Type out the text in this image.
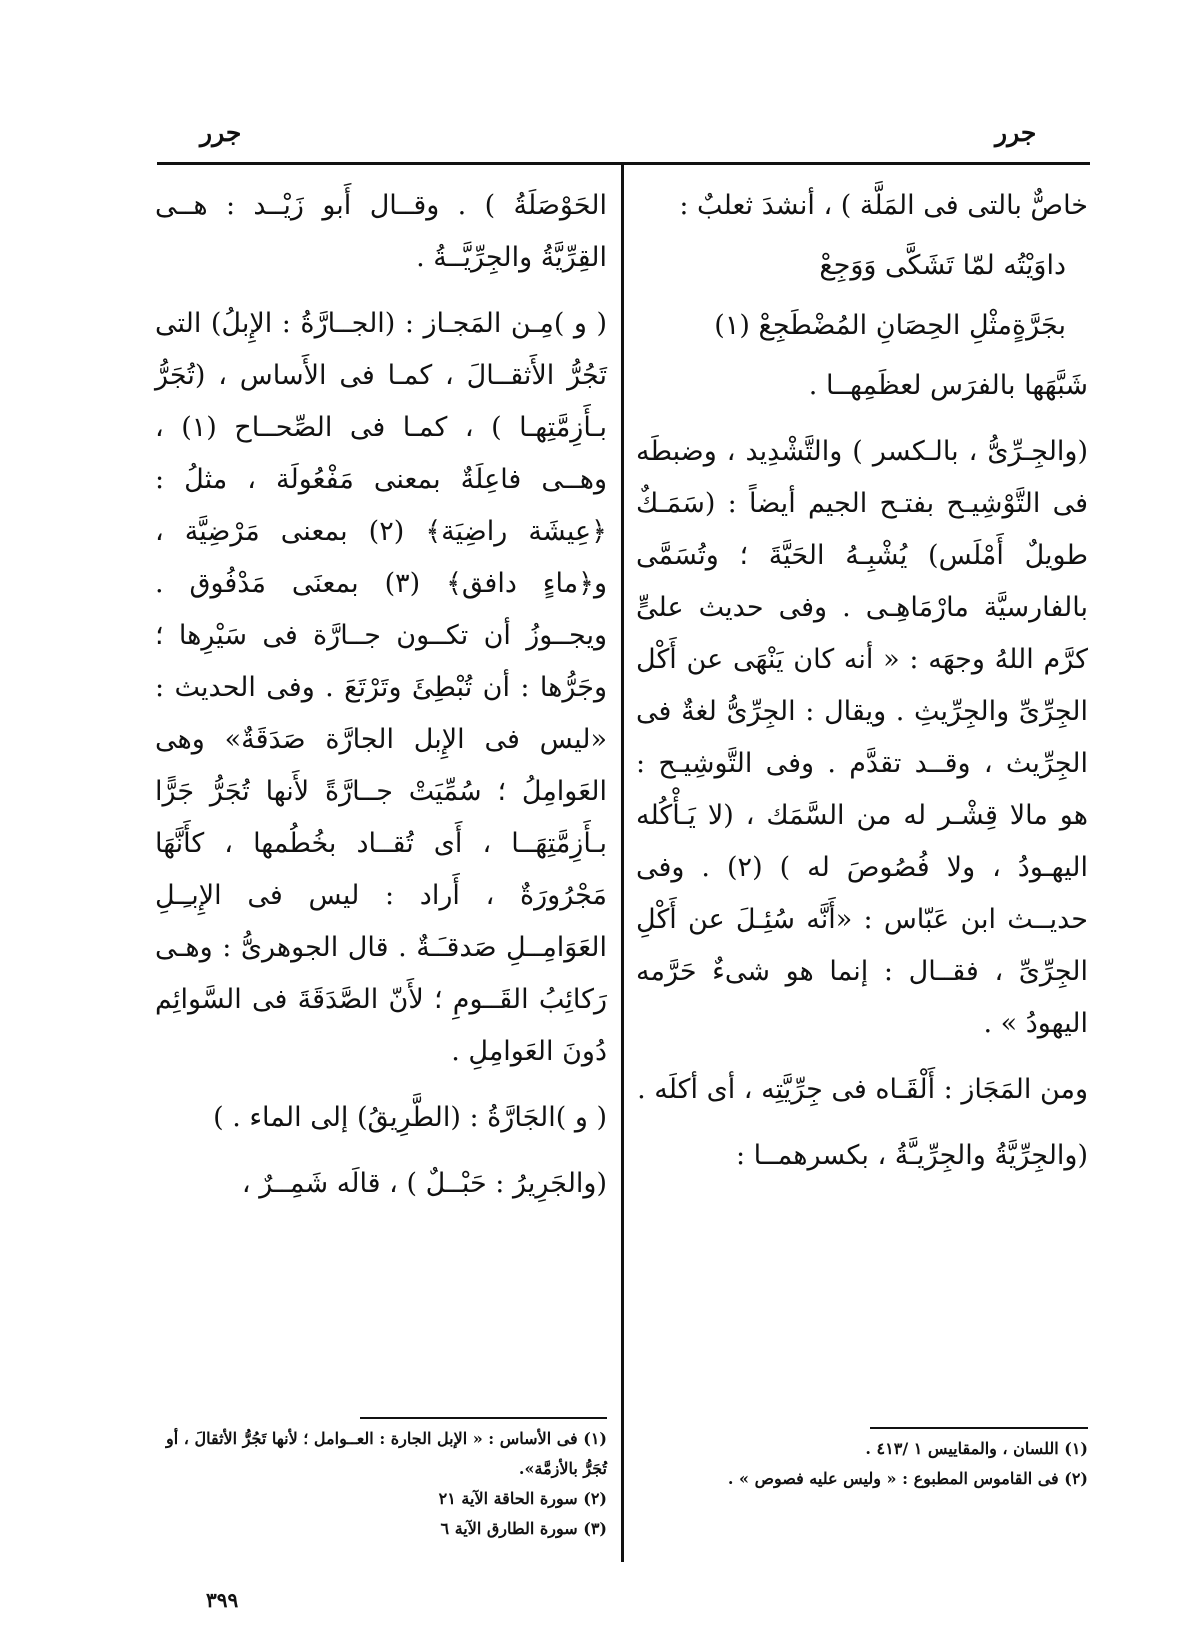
جرر
جرر

خاصٌّ بالتى فى المَلَّة ) ، أنشدَ ثعلبٌ :

داوَيْتُه لمّا تَشَكَّى وَوَجِعْ

بجَرَّةٍمثْلِ الحِصَانِ المُضْطَجِعْ (١)

شَبَّهَها بالفرَس لعظَمِهــا .

(والجِـرِّىُّ ، بالـكسر ) والتَّشْدِيد ، وضبطَه فى التَّوْشِيـح بفتـح الجيم أيضاً : (سَمَـكٌ طويلٌ أَمْلَس) يُشْبِـهُ الحَيَّةَ ؛ وتُسَمَّى بالفارسيَّة مارْمَاهِـى . وفى حديث علىٍّ كرَّم اللهُ وجهَه : « أنه كان يَنْهَى عن أَكْل الجِرِّىِّ والجِرِّيثِ . ويقال : الجِرِّىُّ لغةٌ فى الجِرِّيث ، وقــد تقدَّم . وفى التَّوشِيـح : هو مالا قِشْـر له من السَّمَك ، (لا يَـأْكُله اليهـودُ ، ولا فُصُوصَ له ) (٢) . وفى حديــث ابن عَبّاس : «أَنَّه سُئِـلَ عن أَكْلِ الجِرِّىِّ ، فقــال : إنما هو شىءٌ حَرَّمه اليهودُ » .

ومن المَجَاز : أَلْقَـاه فى جِرِّيَّتِه ، أى أكلَه .

(والجِرِّيَّةُ والجِرِّيـَّةُ ، بكسرهمــا :

الحَوْصَلَةُ ) . وقــال أَبو زَيْــد : هــى القِرِّيَّةُ والجِرِّيَّــةُ .

( و )مِـن المَجـاز : (الجــارَّةُ : الإِبلُ) التى تَجُرُّ الأَثقــالَ ، كمـا فى الأَساس ، (تُجَرُّ بـأَزِمَّتِهـا ) ، كمـا فى الصِّحــاح (١) ، وهــى فاعِلَةٌ بمعنى مَفْعُولَة ، مثلُ : ﴿عِيشَة راضِيَة﴾ (٢) بمعنى مَرْضِيَّة ، و﴿ماءٍ دافق﴾ (٣) بمعنَى مَدْفُوق . ويجــوزُ أن تكــون جــارَّة فى سَيْرِها ؛ وجَرُّها : أن تُبْطِئَ وتَرْتَعَ . وفى الحديث : «ليس فى الإِبل الجارَّة صَدَقَةٌ» وهى العَوامِلُ ؛ سُمِّيَتْ جــارَّةً لأَنها تُجَرُّ جَرًّا بـأَزِمَّتِهَــا ، أَى تُقــاد بخُطُمها ، كأَنَّهَا مَجْرُورَةٌ ، أَراد : ليس فى الإِبـِـلِ العَوَامِــلِ صَدقـَـةٌ . قال الجوهرىُّ : وهـى رَكائِبُ القَــومِ ؛ لأَنّ الصَّدَقَةَ فى السَّوائِم دُونَ العَوامِلِ .

( و )الجَارَّةُ : (الطَّرِيقُ) إلى الماء . )

(والجَرِيرُ : حَبْــلٌ ) ، قالَه شَمِــرٌ ،

(١) اللسان ، والمقاييس ١ /٤١٣ .

(٢) فى القاموس المطبوع : « وليس عليه فصوص » .

(١) فى الأساس : « الإبل الجارة : العــوامل ؛ لأنها تَجُرُّ الأثقالَ ، أو تُجَرُّ بالأزمَّة».

(٢) سورة الحاقة الآية ٢١

(٣) سورة الطارق الآية ٦

٣٩٩
